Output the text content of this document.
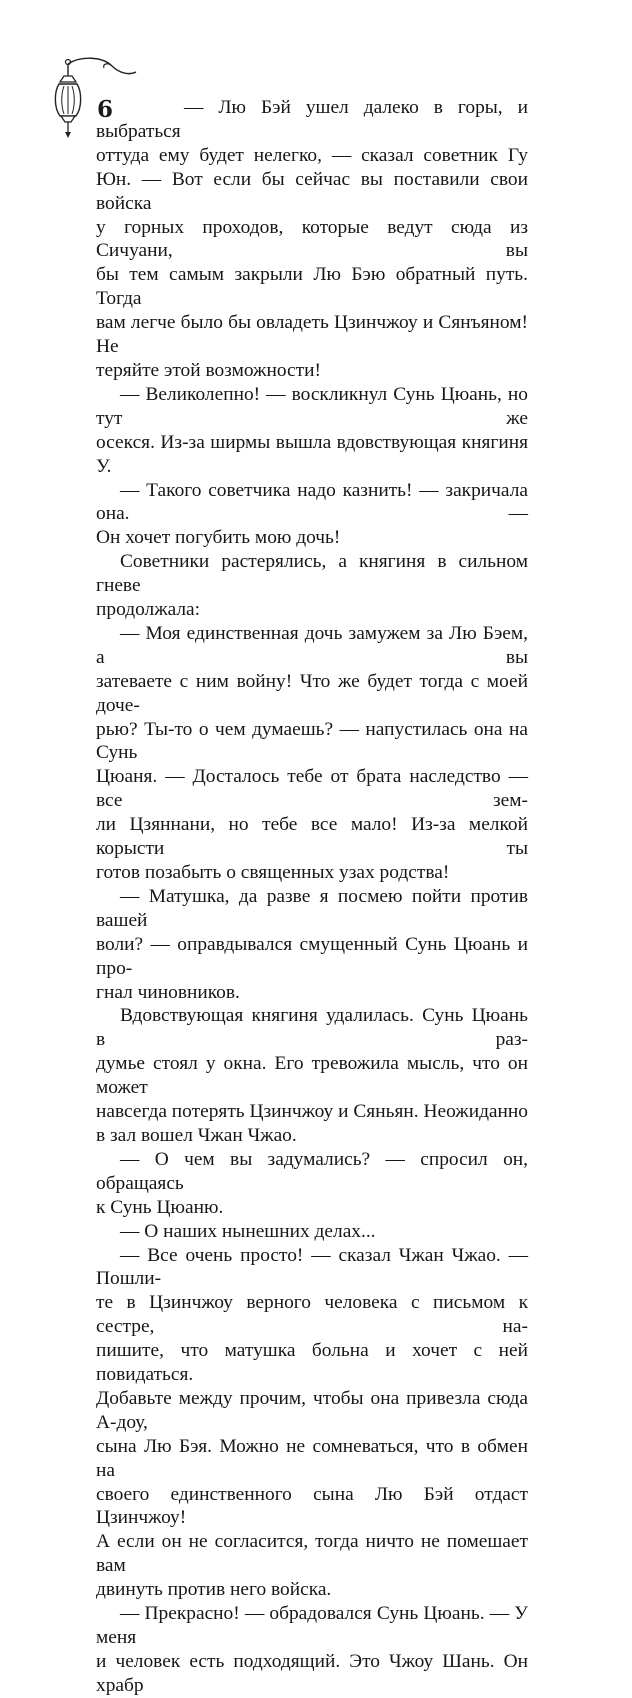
6	— Лю Бэй ушел далеко в горы, и выбраться
оттуда ему будет нелегко, — сказал советник Гу
Юн. — Вот если бы сейчас вы поставили свои войска
у горных проходов, которые ведут сюда из Сичуани, вы
бы тем самым закрыли Лю Бэю обратный путь. Тогда
вам легче было бы овладеть Цзинчжоу и Сянъяном! Не
теряйте этой возможности!

— Великолепно! — воскликнул Сунь Цюань, но тут же
осекся. Из-за ширмы вышла вдовствующая княгиня У.

— Такого советчика надо казнить! — закричала она. —
Он хочет погубить мою дочь!

Советники растерялись, а княгиня в сильном гневе
продолжала:

— Моя единственная дочь замужем за Лю Бэем, а вы
затеваете с ним войну! Что же будет тогда с моей доче-
рью? Ты-то о чем думаешь? — напустилась она на Сунь
Цюаня. — Досталось тебе от брата наследство — все зем-
ли Цзяннани, но тебе все мало! Из-за мелкой корысти ты
готов позабыть о священных узах родства!

— Матушка, да разве я посмею пойти против вашей
воли? — оправдывался смущенный Сунь Цюань и про-
гнал чиновников.

Вдовствующая княгиня удалилась. Сунь Цюань в раз-
думье стоял у окна. Его тревожила мысль, что он может
навсегда потерять Цзинчжоу и Сяньян. Неожиданно
в зал вошел Чжан Чжао.

— О чем вы задумались? — спросил он, обращаясь
к Сунь Цюаню.

— О наших нынешних делах...

— Все очень просто! — сказал Чжан Чжао. — Пошли-
те в Цзинчжоу верного человека с письмом к сестре, на-
пишите, что матушка больна и хочет с ней повидаться.
Добавьте между прочим, чтобы она привезла сюда А-доу,
сына Лю Бэя. Можно не сомневаться, что в обмен на
своего единственного сына Лю Бэй отдаст Цзинчжоу!
А если он не согласится, тогда ничто не помешает вам
двинуть против него войска.

— Прекрасно! — обрадовался Сунь Цюань. — У меня
и человек есть подходящий. Это Чжоу Шань. Он храбр
